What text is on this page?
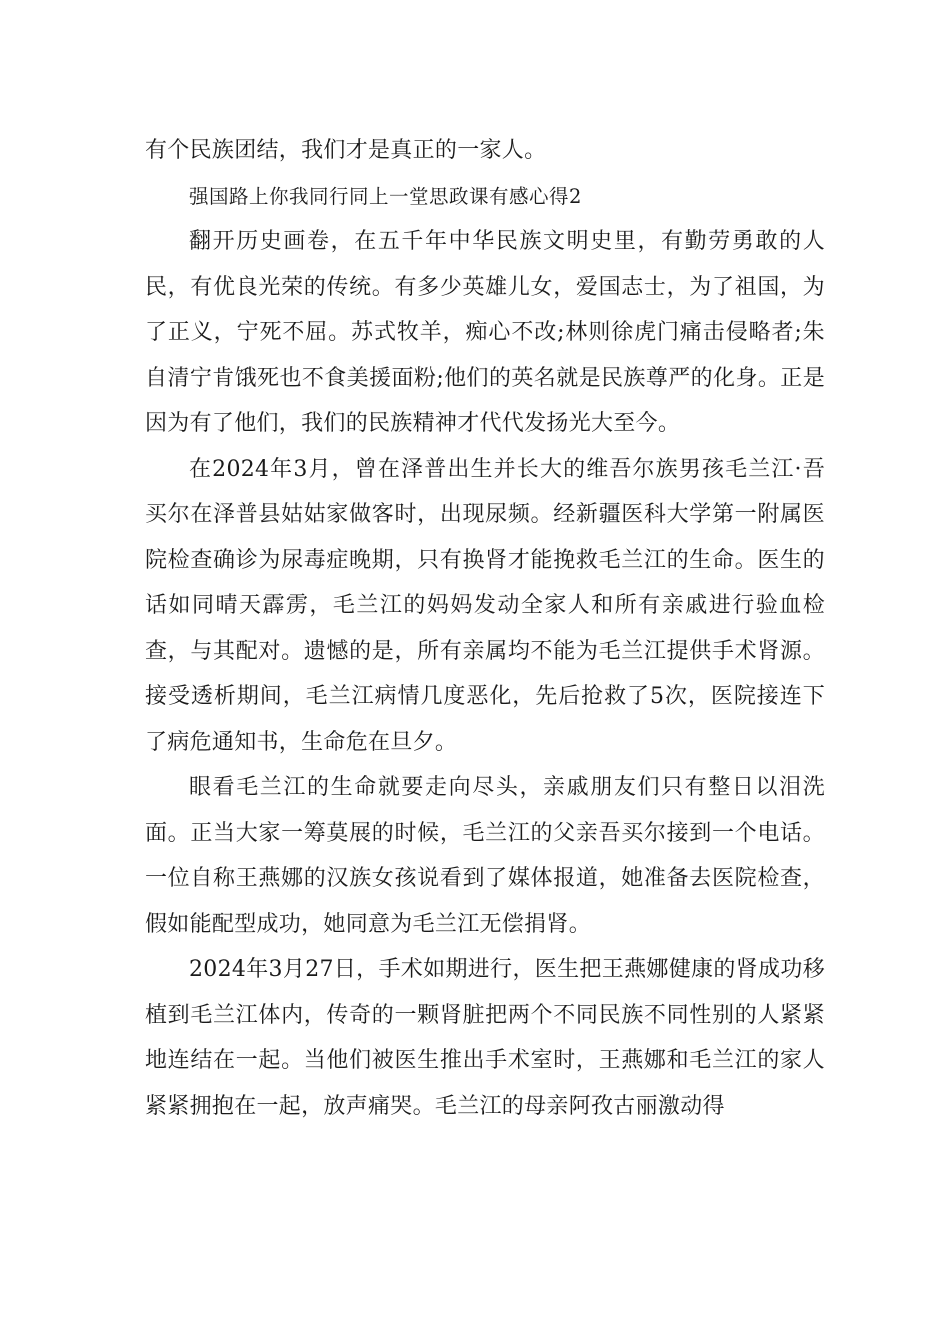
有个民族团结，我们才是真正的一家人。

强国路上你我同行同上一堂思政课有感心得2

翻开历史画卷，在五千年中华民族文明史里，有勤劳勇敢的人民，有优良光荣的传统。有多少英雄儿女，爱国志士，为了祖国，为了正义，宁死不屈。苏式牧羊，痴心不改;林则徐虎门痛击侵略者;朱自清宁肯饿死也不食美援面粉;他们的英名就是民族尊严的化身。正是因为有了他们，我们的民族精神才代代发扬光大至今。

在2024年3月，曾在泽普出生并长大的维吾尔族男孩毛兰江·吾买尔在泽普县姑姑家做客时，出现尿频。经新疆医科大学第一附属医院检查确诊为尿毒症晚期，只有换肾才能挽救毛兰江的生命。医生的话如同晴天霹雳，毛兰江的妈妈发动全家人和所有亲戚进行验血检查，与其配对。遗憾的是，所有亲属均不能为毛兰江提供手术肾源。接受透析期间，毛兰江病情几度恶化，先后抢救了5次，医院接连下了病危通知书，生命危在旦夕。

眼看毛兰江的生命就要走向尽头，亲戚朋友们只有整日以泪洗面。正当大家一筹莫展的时候，毛兰江的父亲吾买尔接到一个电话。一位自称王燕娜的汉族女孩说看到了媒体报道，她准备去医院检查，假如能配型成功，她同意为毛兰江无偿捐肾。

2024年3月27日，手术如期进行，医生把王燕娜健康的肾成功移植到毛兰江体内，传奇的一颗肾脏把两个不同民族不同性别的人紧紧地连结在一起。当他们被医生推出手术室时，王燕娜和毛兰江的家人紧紧拥抱在一起，放声痛哭。毛兰江的母亲阿孜古丽激动得
